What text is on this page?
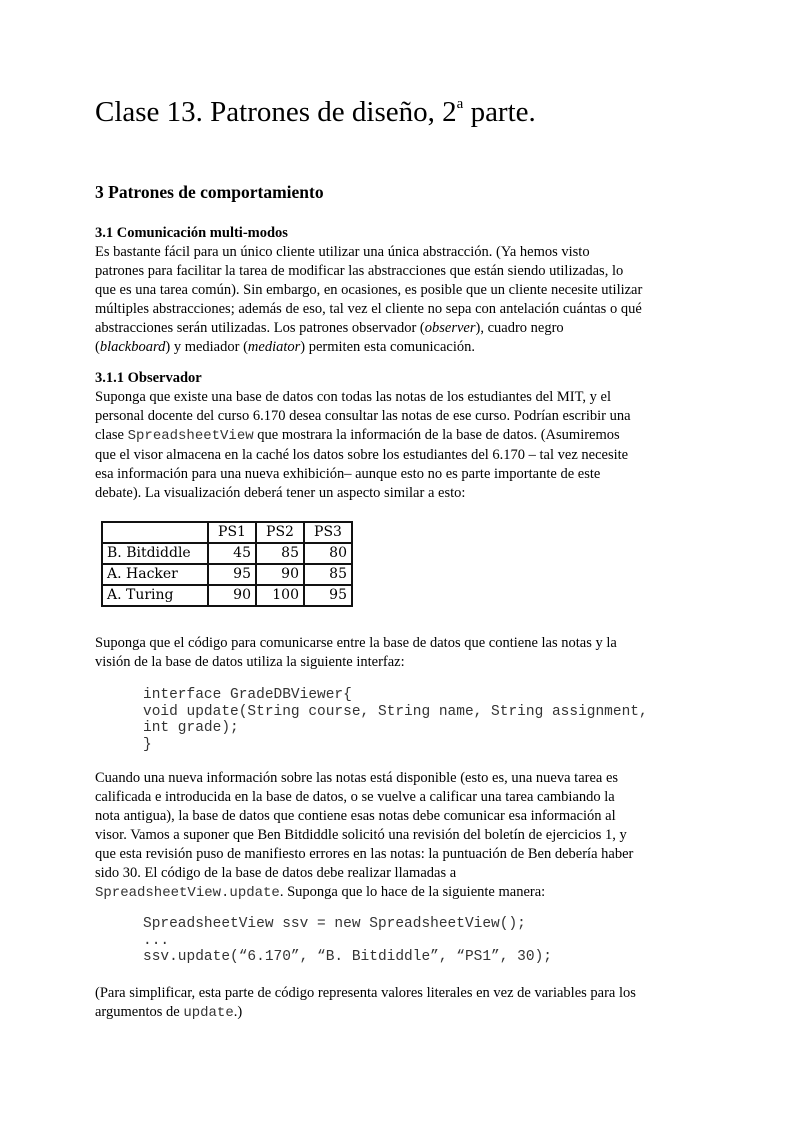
Clase 13. Patrones de diseño, 2$^a$ parte.
3 Patrones de comportamiento
3.1 Comunicación multi-modos

Es bastante fácil para un único cliente utilizar una única abstracción. (Ya hemos visto
patrones para facilitar la tarea de modificar las abstracciones que están siendo utilizadas, lo
que es una tarea común). Sin embargo, en ocasiones, es posible que un cliente necesite utilizar
múltiples abstracciones; además de eso, tal vez el cliente no sepa con antelación cuántas o qué
abstracciones serán utilizadas. Los patrones observador (observer), cuadro negro
(blackboard) y mediador (mediator) permiten esta comunicación.

3.1.1 Observador

Suponga que existe una base de datos con todas las notas de los estudiantes del MIT, y el
personal docente del curso 6.170 desea consultar las notas de ese curso. Podrían escribir una
clase SpreadsheetView que mostrara la información de la base de datos. (Asumiremos
que el visor almacena en la caché los datos sobre los estudiantes del 6.170 – tal vez necesite
esa información para una nueva exhibición– aunque esto no es parte importante de este
debate). La visualización deberá tener un aspecto similar a esto:

	PS1	PS2	PS3
B. Bitdiddle	45	85	80
A. Hacker	95	90	85
A. Turing	90	100	95

Suponga que el código para comunicarse entre la base de datos que contiene las notas y la
visión de la base de datos utiliza la siguiente interfaz:

interface GradeDBViewer{
void update(String course, String name, String assignment,
int grade);
}

Cuando una nueva información sobre las notas está disponible (esto es, una nueva tarea es
calificada e introducida en la base de datos, o se vuelve a calificar una tarea cambiando la
nota antigua), la base de datos que contiene esas notas debe comunicar esa información al
visor. Vamos a suponer que Ben Bitdiddle solicitó una revisión del boletín de ejercicios 1, y
que esta revisión puso de manifiesto errores en las notas: la puntuación de Ben debería haber
sido 30. El código de la base de datos debe realizar llamadas a
SpreadsheetView.update. Suponga que lo hace de la siguiente manera:

SpreadsheetView ssv = new SpreadsheetView();
...
ssv.update(“6.170”, “B. Bitdiddle”, “PS1”, 30);

(Para simplificar, esta parte de código representa valores literales en vez de variables para los
argumentos de update.)
